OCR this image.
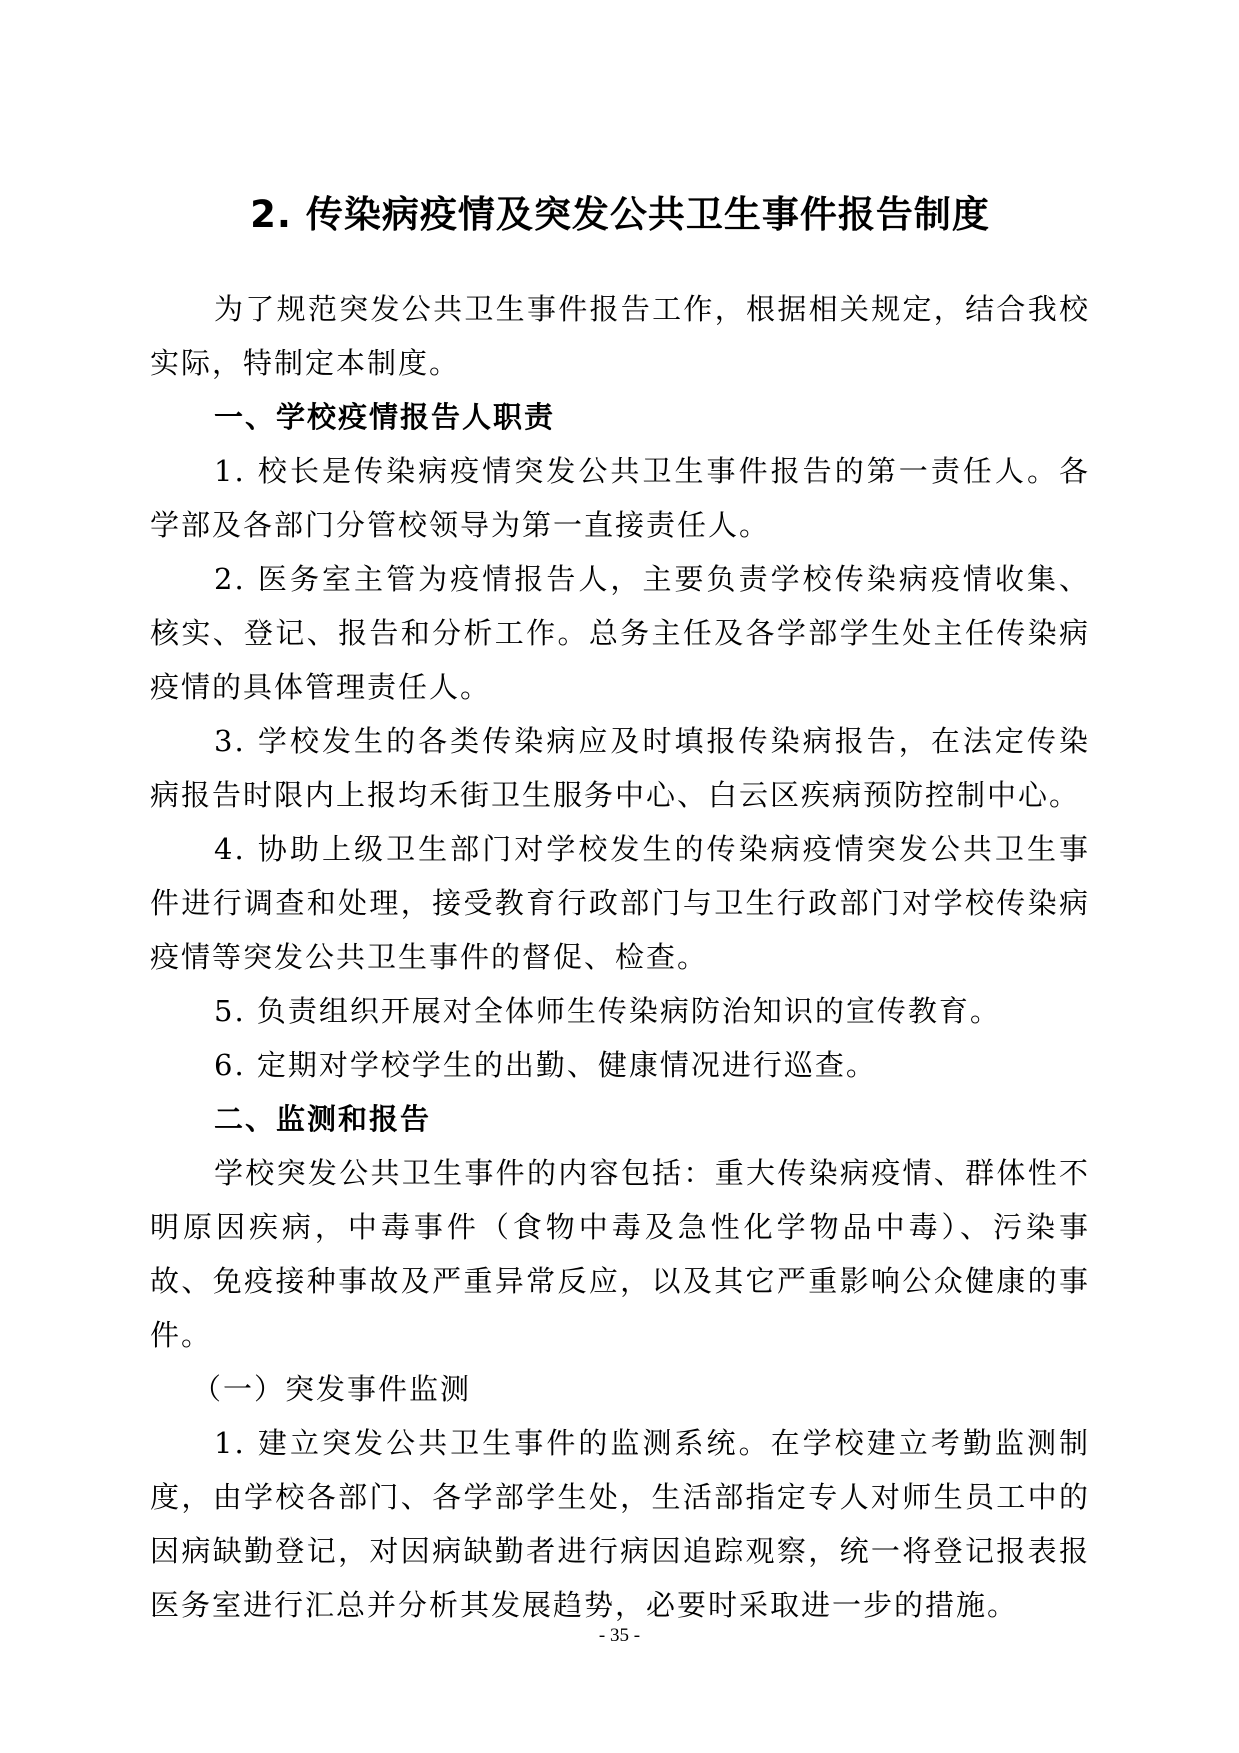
2. 传染病疫情及突发公共卫生事件报告制度

为了规范突发公共卫生事件报告工作，根据相关规定，结合我校实际，特制定本制度。

一、学校疫情报告人职责

1. 校长是传染病疫情突发公共卫生事件报告的第一责任人。各学部及各部门分管校领导为第一直接责任人。

2. 医务室主管为疫情报告人，主要负责学校传染病疫情收集、核实、登记、报告和分析工作。总务主任及各学部学生处主任传染病疫情的具体管理责任人。

3. 学校发生的各类传染病应及时填报传染病报告，在法定传染病报告时限内上报均禾街卫生服务中心、白云区疾病预防控制中心。

4. 协助上级卫生部门对学校发生的传染病疫情突发公共卫生事件进行调查和处理，接受教育行政部门与卫生行政部门对学校传染病疫情等突发公共卫生事件的督促、检查。

5. 负责组织开展对全体师生传染病防治知识的宣传教育。

6. 定期对学校学生的出勤、健康情况进行巡查。

二、监测和报告

学校突发公共卫生事件的内容包括：重大传染病疫情、群体性不明原因疾病，中毒事件（食物中毒及急性化学物品中毒）、污染事故、免疫接种事故及严重异常反应，以及其它严重影响公众健康的事件。

（一）突发事件监测

1. 建立突发公共卫生事件的监测系统。在学校建立考勤监测制度，由学校各部门、各学部学生处，生活部指定专人对师生员工中的因病缺勤登记，对因病缺勤者进行病因追踪观察，统一将登记报表报医务室进行汇总并分析其发展趋势，必要时采取进一步的措施。

- 35 -
